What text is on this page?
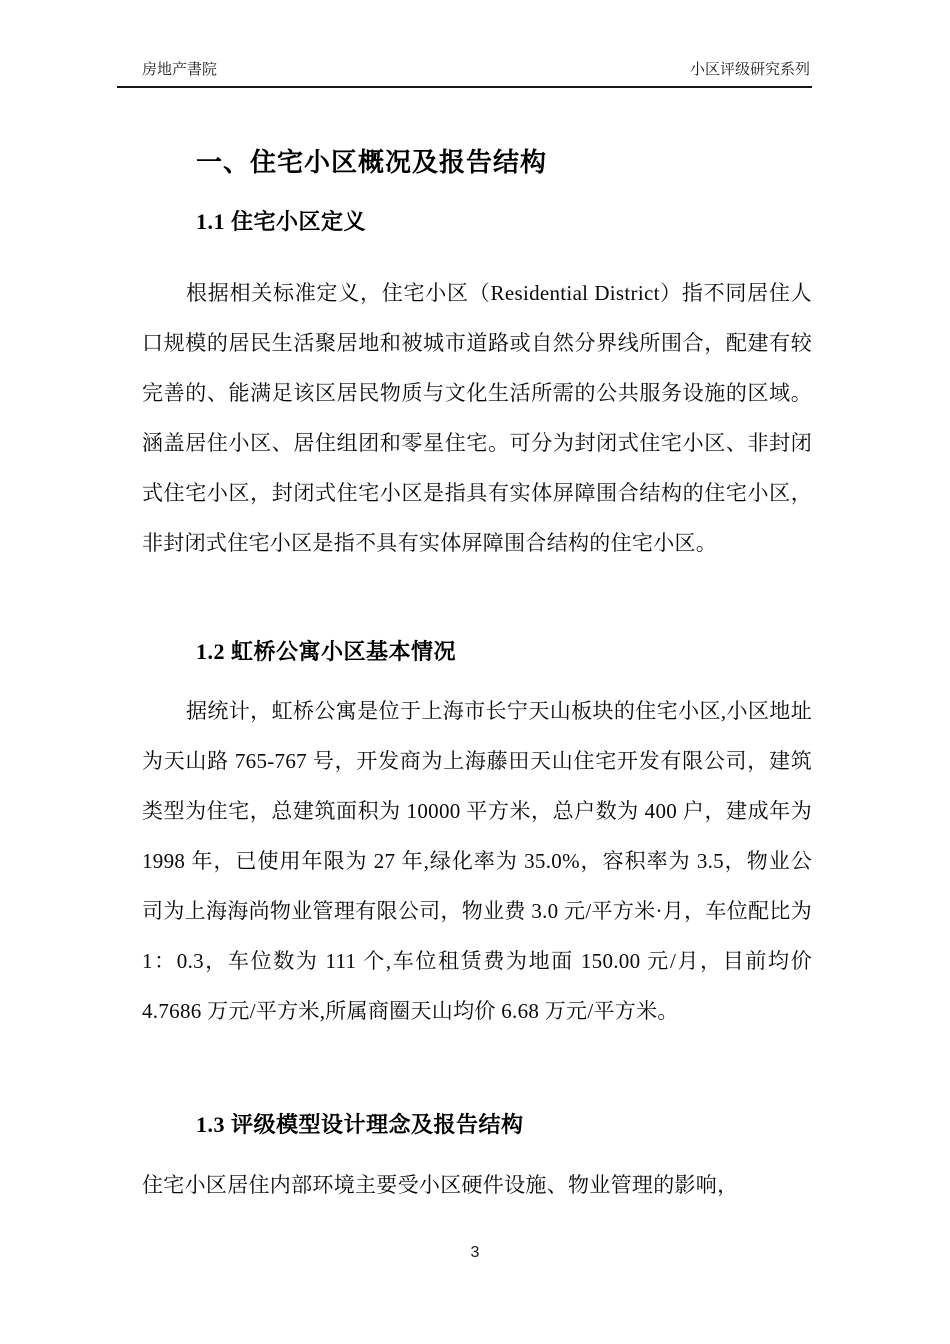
房地产書院	小区评级研究系列
一、住宅小区概况及报告结构
1.1 住宅小区定义

根据相关标准定义，住宅小区（Residential District）指不同居住人口规模的居民生活聚居地和被城市道路或自然分界线所围合，配建有较完善的、能满足该区居民物质与文化生活所需的公共服务设施的区域。涵盖居住小区、居住组团和零星住宅。可分为封闭式住宅小区、非封闭式住宅小区，封闭式住宅小区是指具有实体屏障围合结构的住宅小区，非封闭式住宅小区是指不具有实体屏障围合结构的住宅小区。

1.2 虹桥公寓小区基本情况

据统计，虹桥公寓是位于上海市长宁天山板块的住宅小区,小区地址为天山路 765-767 号，开发商为上海藤田天山住宅开发有限公司，建筑类型为住宅，总建筑面积为 10000 平方米，总户数为 400 户，建成年为 1998 年，已使用年限为 27 年,绿化率为 35.0%，容积率为 3.5，物业公司为上海海尚物业管理有限公司，物业费 3.0 元/平方米·月，车位配比为 1：0.3，车位数为 111 个,车位租赁费为地面 150.00 元/月，目前均价 4.7686 万元/平方米,所属商圈天山均价 6.68 万元/平方米。

1.3 评级模型设计理念及报告结构

住宅小区居住内部环境主要受小区硬件设施、物业管理的影响，

3
